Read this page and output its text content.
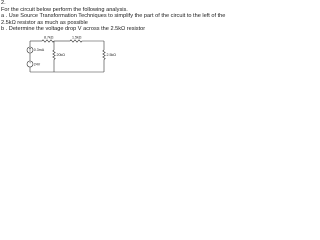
2.
For the circuit below perform the following analysis.
a . Use Source Transformation Techniques to simplify the part of the circuit to the left of the
2.5kΩ resistor as much as possible
b . Determine the voltage drop V across the 2.5kΩ resistor
+
8.7kΩ	1.5kΩ
0.3mA
20kΩ	2.5kΩ
24V
